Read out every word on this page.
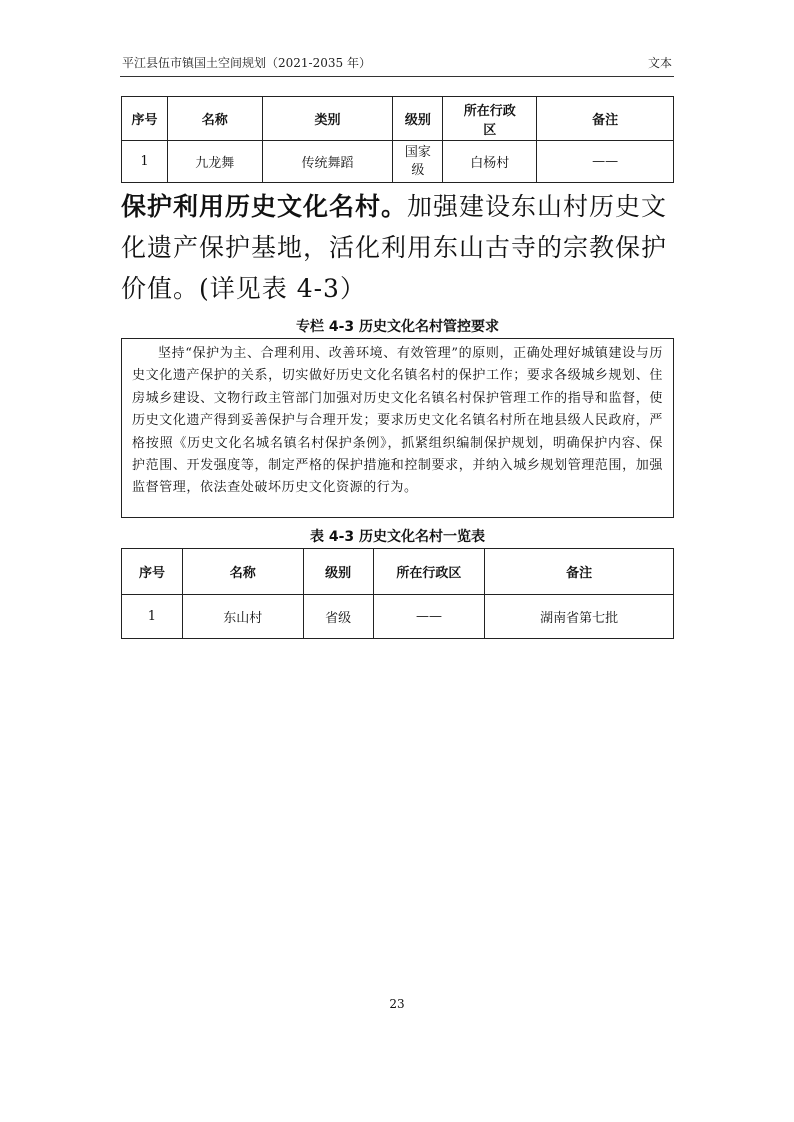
平江县伍市镇国土空间规划（2021-2035 年）	文本
序号	名称	类别	级别	所在行政区	备注
1	九龙舞	传统舞蹈	国家级	白杨村	——

保护利用历史文化名村。加强建设东山村历史文化遗产保护基地，活化利用东山古寺的宗教保护价值。(详见表 4-3）

专栏 4-3 历史文化名村管控要求
坚持“保护为主、合理利用、改善环境、有效管理”的原则，正确处理好城镇建设与历史文化遗产保护的关系，切实做好历史文化名镇名村的保护工作；要求各级城乡规划、住房城乡建设、文物行政主管部门加强对历史文化名镇名村保护管理工作的指导和监督，使历史文化遗产得到妥善保护与合理开发；要求历史文化名镇名村所在地县级人民政府，严格按照《历史文化名城名镇名村保护条例》，抓紧组织编制保护规划，明确保护内容、保护范围、开发强度等，制定严格的保护措施和控制要求，并纳入城乡规划管理范围，加强监督管理，依法查处破坏历史文化资源的行为。
表 4-3 历史文化名村一览表
序号	名称	级别	所在行政区	备注
1	东山村	省级	——	湖南省第七批
23
